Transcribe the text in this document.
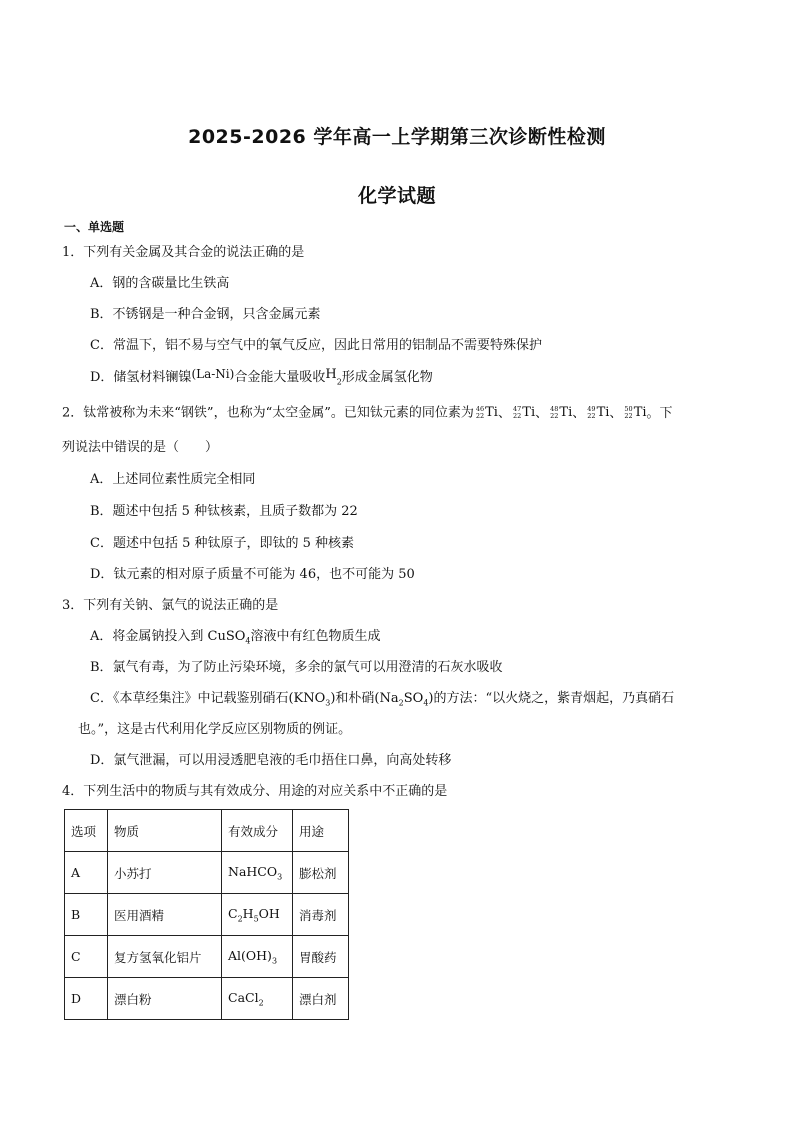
2025-2026 学年高一上学期第三次诊断性检测
化学试题
一、单选题
1．下列有关金属及其合金的说法正确的是
A．钢的含碳量比生铁高
B．不锈钢是一种合金钢，只含金属元素
C．常温下，铝不易与空气中的氧气反应，因此日常用的铝制品不需要特殊保护
D．储氢材料镧镍(La-Ni)合金能大量吸收$H_2$形成金属氢化物
2．钛常被称为未来“钢铁”，也称为“太空金属”。已知钛元素的同位素为 46
22 Ti、 47
22 Ti、 48
22 Ti、 49
22 Ti、 50
22 Ti。下
列说法中错误的是（　　）
A．上述同位素性质完全相同
B．题述中包括 5 种钛核素，且质子数都为 22
C．题述中包括 5 种钛原子，即钛的 5 种核素
D．钛元素的相对原子质量不可能为 46，也不可能为 50
3．下列有关钠、氯气的说法正确的是
A．将金属钠投入到 CuSO$_4$溶液中有红色物质生成
B．氯气有毒，为了防止污染环境，多余的氯气可以用澄清的石灰水吸收
C．《本草经集注》中记载鉴别硝石$(KNO_3)$和朴硝$(Na_2SO_4)$的方法：“以火烧之，紫青烟起，乃真硝石
也。”，这是古代利用化学反应区别物质的例证。
D．氯气泄漏，可以用浸透肥皂液的毛巾捂住口鼻，向高处转移
4．下列生活中的物质与其有效成分、用途的对应关系中不正确的是
选项	物质	有效成分	用途
A	小苏打	NaHCO$_3$	膨松剂
B	医用酒精	$C_2H_5OH$	消毒剂
C	复方氢氧化铝片	$Al(OH)_3$	胃酸药
D	漂白粉	CaCl$_2$	漂白剂
